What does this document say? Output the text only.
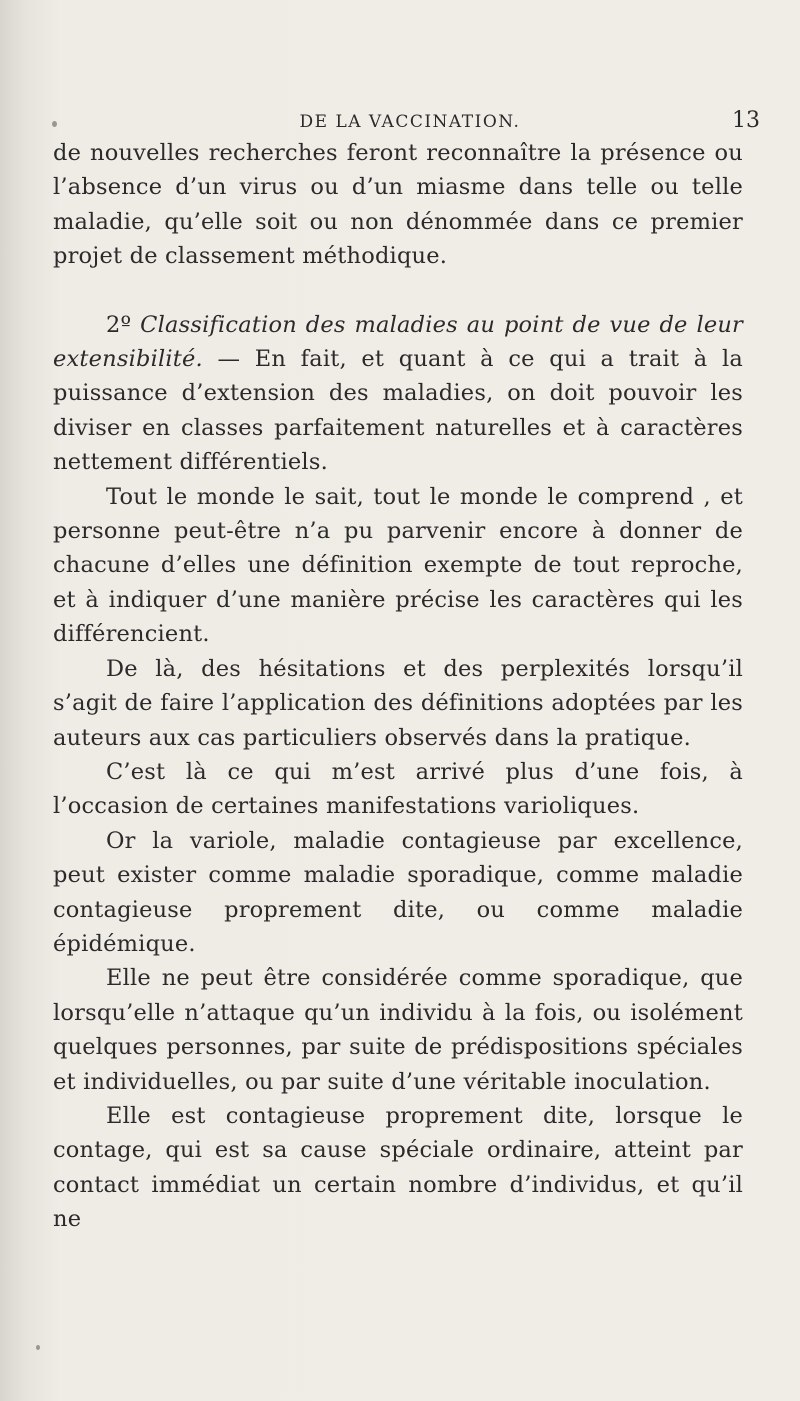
DE LA VACCINATION.	13

de nouvelles recherches feront reconnaître la présence ou l’absence d’un virus ou d’un miasme dans telle ou telle maladie, qu’elle soit ou non dénommée dans ce premier projet de classement méthodique.

2º Classification des maladies au point de vue de leur extensibilité. — En fait, et quant à ce qui a trait à la puissance d’extension des maladies, on doit pouvoir les diviser en classes parfaitement naturelles et à caractères nettement différentiels.

Tout le monde le sait, tout le monde le comprend , et personne peut-être n’a pu parvenir encore à donner de chacune d’elles une définition exempte de tout reproche, et à indiquer d’une manière précise les caractères qui les différencient.

De là, des hésitations et des perplexités lorsqu’il s’agit de faire l’application des définitions adoptées par les auteurs aux cas particuliers observés dans la pratique.

C’est là ce qui m’est arrivé plus d’une fois, à l’occasion de certaines manifestations varioliques.

Or la variole, maladie contagieuse par excellence, peut exister comme maladie sporadique, comme maladie contagieuse proprement dite, ou comme maladie épidémique.

Elle ne peut être considérée comme sporadique, que lorsqu’elle n’attaque qu’un individu à la fois, ou isolément quelques personnes, par suite de prédispositions spéciales et individuelles, ou par suite d’une véritable inoculation.

Elle est contagieuse proprement dite, lorsque le contage, qui est sa cause spéciale ordinaire, atteint par contact immédiat un certain nombre d’individus, et qu’il ne
